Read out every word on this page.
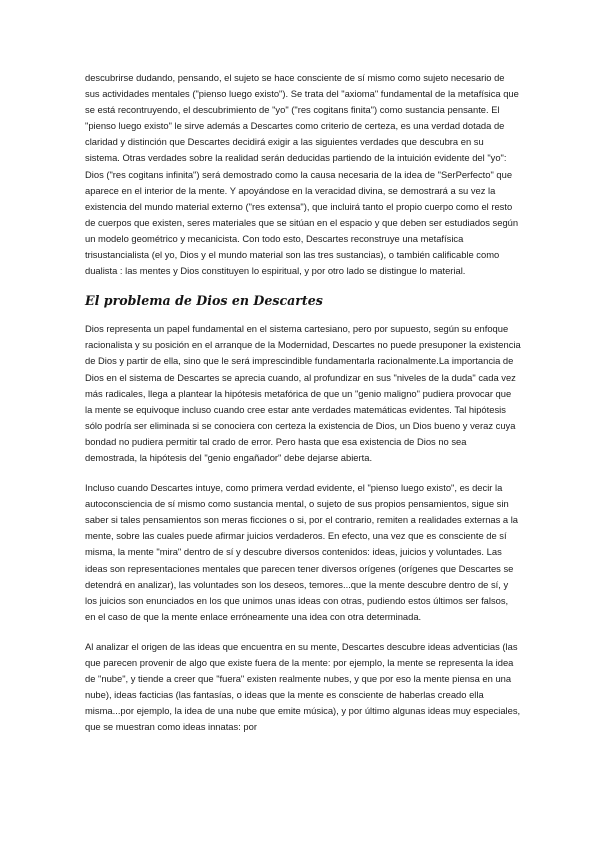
descubrirse dudando, pensando, el sujeto se hace consciente de sí mismo como sujeto necesario de sus actividades mentales ("pienso luego existo"). Se trata del "axioma" fundamental de la metafísica que se está recontruyendo, el descubrimiento de "yo" ("res cogitans finita") como sustancia pensante. El "pienso luego existo" le sirve además a Descartes como criterio de certeza, es una verdad dotada de claridad y distinción que Descartes decidirá exigir a las siguientes verdades que descubra en su sistema. Otras verdades sobre la realidad serán deducidas partiendo de la intuición evidente del "yo": Dios ("res cogitans infinita") será demostrado como la causa necesaria de la idea de "SerPerfecto" que aparece en el interior de la mente. Y apoyándose en la veracidad divina, se demostrará a su vez la existencia del mundo material externo ("res extensa"), que incluirá tanto el propio cuerpo como el resto de cuerpos que existen, seres materiales que se sitúan en el espacio y que deben ser estudiados según un modelo geométrico y mecanicista. Con todo esto, Descartes reconstruye una metafísica trisustancialista (el yo, Dios y el mundo material son las tres sustancias), o también calificable como dualista : las mentes y Dios constituyen lo espiritual, y por otro lado se distingue lo material.

El problema de Dios en Descartes

Dios representa un papel fundamental en el sistema cartesiano, pero por supuesto, según su enfoque racionalista y su posición en el arranque de la Modernidad, Descartes no puede presuponer la existencia de Dios y partir de ella, sino que le será imprescindible fundamentarla racionalmente.La importancia de Dios en el sistema de Descartes se aprecia cuando, al profundizar en sus "niveles de la duda" cada vez más radicales, llega a plantear la hipótesis metafórica de que un "genio maligno" pudiera provocar que la mente se equivoque incluso cuando cree estar ante verdades matemáticas evidentes. Tal hipótesis sólo podría ser eliminada si se conociera con certeza la existencia de Dios, un Dios bueno y veraz cuya bondad no pudiera permitir tal crado de error. Pero hasta que esa existencia de Dios no sea demostrada, la hipótesis del "genio engañador" debe dejarse abierta.

Incluso cuando Descartes intuye, como primera verdad evidente, el "pienso luego existo", es decir la autoconsciencia de sí mismo como sustancia mental, o sujeto de sus propios pensamientos, sigue sin saber si tales pensamientos son meras ficciones o si, por el contrario, remiten a realidades externas a la mente, sobre las cuales puede afirmar juicios verdaderos. En efecto, una vez que es consciente de sí misma, la mente "mira" dentro de sí y descubre diversos contenidos: ideas, juicios y voluntades. Las ideas son representaciones mentales que parecen tener diversos orígenes (orígenes que Descartes se detendrá en analizar), las voluntades son los deseos, temores...que la mente descubre dentro de sí, y los juicios son enunciados en los que unimos unas ideas con otras, pudiendo estos últimos ser falsos, en el caso de que la mente enlace erróneamente una idea con otra determinada.

Al analizar el origen de las ideas que encuentra en su mente, Descartes descubre ideas adventicias (las que parecen provenir de algo que existe fuera de la mente: por ejemplo, la mente se representa la idea de "nube", y tiende a creer que "fuera" existen realmente nubes, y que por eso la mente piensa en una nube), ideas facticias (las fantasías, o ideas que la mente es consciente de haberlas creado ella misma...por ejemplo, la idea de una nube que emite música), y por último algunas ideas muy especiales, que se muestran como ideas innatas: por
